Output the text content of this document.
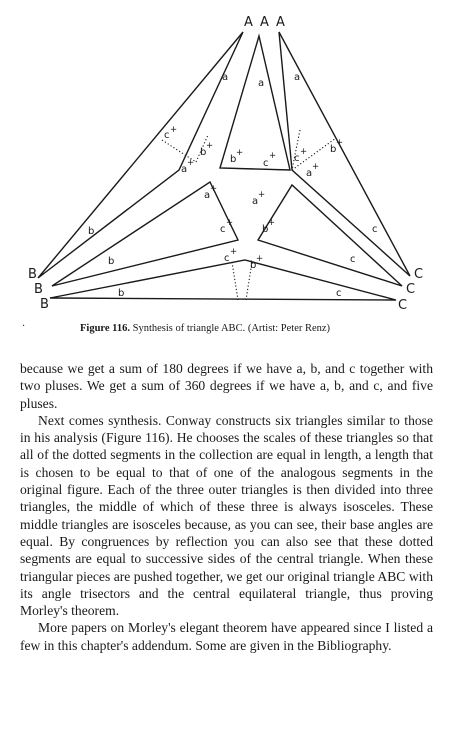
A A A
B
B
B
C
C
C
a
a
a
b
b
b
c
c
c
c +
b
+
a
+	b
+
c
+ c
+ b
+
a
+
a
+
a
+
c
+
b
+
c
+
b
+
.	Figure 116. Synthesis of triangle ABC. (Artist: Peter Renz)

because we get a sum of 180 degrees if we have a, b, and c together with two pluses. We get a sum of 360 degrees if we have a, b, and c, and five pluses.

Next comes synthesis. Conway constructs six triangles similar to those in his analysis (Figure 116). He chooses the scales of these triangles so that all of the dotted segments in the collection are equal in length, a length that is chosen to be equal to that of one of the analogous segments in the original figure. Each of the three outer triangles is then divided into three triangles, the middle of which of these three is always isosceles. These middle triangles are isosceles because, as you can see, their base angles are equal. By congruences by reflection you can also see that these dotted segments are equal to successive sides of the central triangle. When these triangular pieces are pushed together, we get our original triangle ABC with its angle trisectors and the central equilateral triangle, thus proving Morley's theorem.

More papers on Morley's elegant theorem have appeared since I listed a few in this chapter's addendum. Some are given in the Bibliography.
